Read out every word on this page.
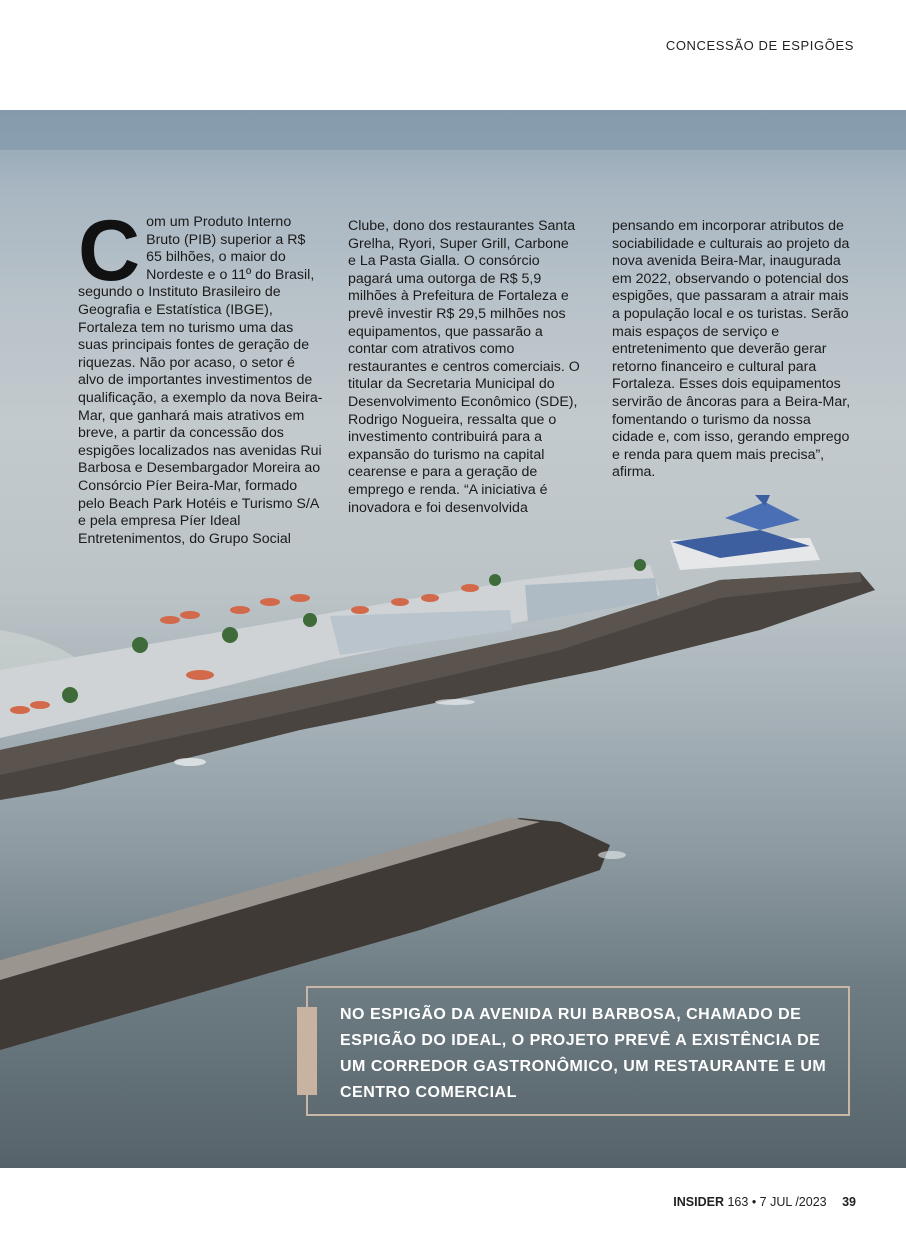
CONCESSÃO DE ESPIGÕES
C om um Produto Interno Bruto (PIB) superior a R$ 65 bilhões, o maior do Nordeste e o 11º do Brasil, segundo o Instituto Brasileiro de Geografia e Estatística (IBGE), Fortaleza tem no turismo uma das suas principais fontes de geração de riquezas. Não por acaso, o setor é alvo de importantes investimentos de qualificação, a exemplo da nova Beira-Mar, que ganhará mais atrativos em breve, a partir da concessão dos espigões localizados nas avenidas Rui Barbosa e Desembargador Moreira ao Consórcio Píer Beira-Mar, formado pelo Beach Park Hotéis e Turismo S/A e pela empresa Píer Ideal Entretenimentos, do Grupo Social

Clube, dono dos restaurantes Santa Grelha, Ryori, Super Grill, Carbone e La Pasta Gialla. O consórcio pagará uma outorga de R$ 5,9 milhões à Prefeitura de Fortaleza e prevê investir R$ 29,5 milhões nos equipamentos, que passarão a contar com atrativos como restaurantes e centros comerciais. O titular da Secretaria Municipal do Desenvolvimento Econômico (SDE), Rodrigo Nogueira, ressalta que o investimento contribuirá para a expansão do turismo na capital cearense e para a geração de emprego e renda. “A iniciativa é inovadora e foi desenvolvida

pensando em incorporar atributos de sociabilidade e culturais ao projeto da nova avenida Beira-Mar, inaugurada em 2022, observando o potencial dos espigões, que passaram a atrair mais a população local e os turistas. Serão mais espaços de serviço e entretenimento que deverão gerar retorno financeiro e cultural para Fortaleza. Esses dois equipamentos servirão de âncoras para a Beira-Mar, fomentando o turismo da nossa cidade e, com isso, gerando emprego e renda para quem mais precisa”, afirma.

NO ESPIGÃO DA AVENIDA RUI BARBOSA, CHAMADO DE ESPIGÃO DO IDEAL, O PROJETO PREVÊ A EXISTÊNCIA DE UM CORREDOR GASTRONÔMICO, UM RESTAURANTE E UM CENTRO COMERCIAL
INSIDER 163 • 7 JUL /2023 39
